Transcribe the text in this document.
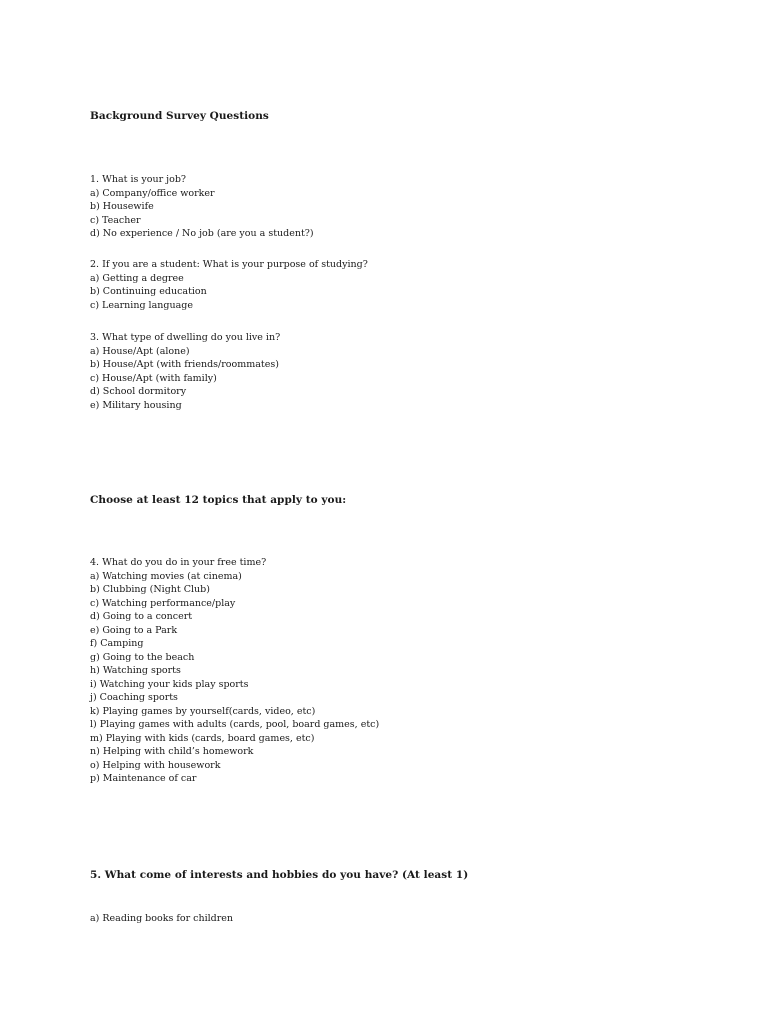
Background Survey Questions
1. What is your job?
a) Company/office worker
b) Housewife
c) Teacher
d) No experience / No job (are you a student?)
2. If you are a student: What is your purpose of studying?
a) Getting a degree
b) Continuing education
c) Learning language
3. What type of dwelling do you live in?
a) House/Apt (alone)
b) House/Apt (with friends/roommates)
c) House/Apt (with family)
d) School dormitory
e) Military housing
Choose at least 12 topics that apply to you:
4. What do you do in your free time?
a) Watching movies (at cinema)
b) Clubbing (Night Club)
c) Watching performance/play
d) Going to a concert
e) Going to a Park
f) Camping
g) Going to the beach
h) Watching sports
i) Watching your kids play sports
j) Coaching sports
k) Playing games by yourself(cards, video, etc)
l) Playing games with adults (cards, pool, board games, etc)
m) Playing with kids (cards, board games, etc)
n) Helping with child’s homework
o) Helping with housework
p) Maintenance of car
5. What come of interests and hobbies do you have? (At least 1)
a) Reading books for children
